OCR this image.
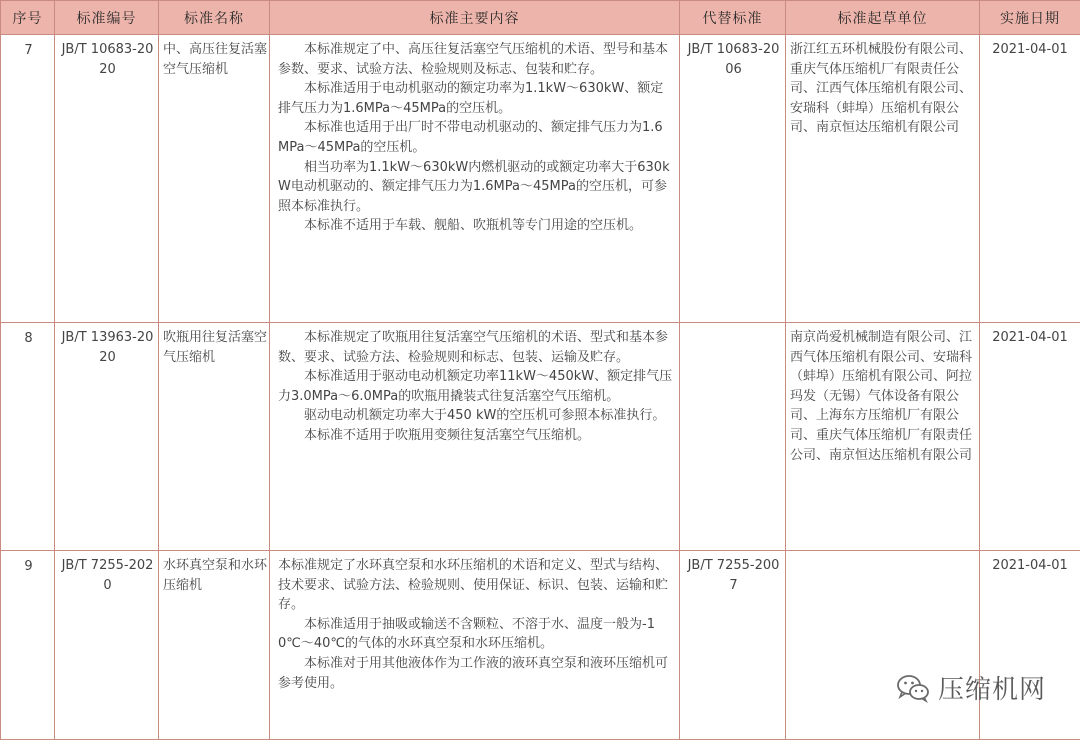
序号	标准编号	标准名称	标准主要内容	代替标准	标准起草单位	实施日期
7	JB/T 10683-2020	中、高压往复活塞空气压缩机	本标准规定了中、高压往复活塞空气压缩机的术语、型号和基本参数、要求、试验方法、检验规则及标志、包装和贮存。
本标准适用于电动机驱动的额定功率为1.1kW～630kW、额定排气压力为1.6MPa～45MPa的空压机。
本标准也适用于出厂时不带电动机驱动的、额定排气压力为1.6MPa～45MPa的空压机。
相当功率为1.1kW～630kW内燃机驱动的或额定功率大于630kW电动机驱动的、额定排气压力为1.6MPa～45MPa的空压机，可参照本标准执行。
本标准不适用于车载、舰船、吹瓶机等专门用途的空压机。	JB/T 10683-2006	浙江红五环机械股份有限公司、重庆气体压缩机厂有限责任公司、江西气体压缩机有限公司、安瑞科（蚌埠）压缩机有限公司、南京恒达压缩机有限公司	2021-04-01
8	JB/T 13963-2020	吹瓶用往复活塞空气压缩机	本标准规定了吹瓶用往复活塞空气压缩机的术语、型式和基本参数、要求、试验方法、检验规则和标志、包装、运输及贮存。
本标准适用于驱动电动机额定功率11kW～450kW、额定排气压力3.0MPa～6.0MPa的吹瓶用撬装式往复活塞空气压缩机。
驱动电动机额定功率大于450 kW的空压机可参照本标准执行。
本标准不适用于吹瓶用变频往复活塞空气压缩机。		南京尚爱机械制造有限公司、江西气体压缩机有限公司、安瑞科（蚌埠）压缩机有限公司、阿拉玛发（无锡）气体设备有限公司、上海东方压缩机厂有限公司、重庆气体压缩机厂有限责任公司、南京恒达压缩机有限公司	2021-04-01
9	JB/T 7255-2020	水环真空泵和水环压缩机	本标准规定了水环真空泵和水环压缩机的术语和定义、型式与结构、技术要求、试验方法、检验规则、使用保证、标识、包装、运输和贮存。
本标准适用于抽吸或输送不含颗粒、不溶于水、温度一般为-10℃～40℃的气体的水环真空泵和水环压缩机。
本标准对于用其他液体作为工作液的液环真空泵和液环压缩机可参考使用。	JB/T 7255-2007		2021-04-01
压缩机网
